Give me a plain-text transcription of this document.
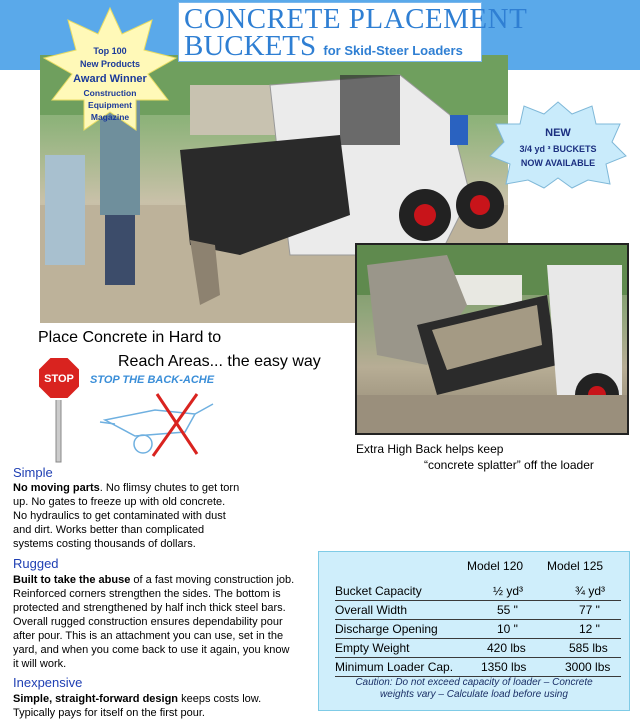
CONCRETE PLACEMENT
BUCKETS for Skid-Steer Loaders
Top 100
New Products
Award Winner
Construction
Equipment
Magazine
NEW
3/4 yd ³ BUCKETS
NOW AVAILABLE
Place Concrete in Hard to
Reach Areas... the easy way
STOP STOP THE BACK-ACHE
Extra High Back helps keep
“concrete splatter” off the loader
Simple
No moving parts. No flimsy chutes to get torn
up. No gates to freeze up with old concrete.
No hydraulics to get contaminated with dust
and dirt. Works better than complicated
systems costing thousands of dollars.
Rugged
Built to take the abuse of a fast moving construction job.
Reinforced corners strengthen the sides. The bottom is
protected and strengthened by half inch thick steel bars.
Overall rugged construction ensures dependability pour
after pour. This is an attachment you can use, set in the
yard, and when you come back to use it again, you know
it will work.
Inexpensive
Simple, straight-forward design keeps costs low.
Typically pays for itself on the first pour.
Model 120 Model 125
Bucket Capacity	½ yd³	¾ yd³
Overall Width	55 "	77 "
Discharge Opening	10 "	12 "
Empty Weight	420 lbs	585 lbs
Minimum Loader Cap. 1350 lbs	3000 lbs
Caution: Do not exceed capacity of loader – Concrete
weights vary – Calculate load before using
